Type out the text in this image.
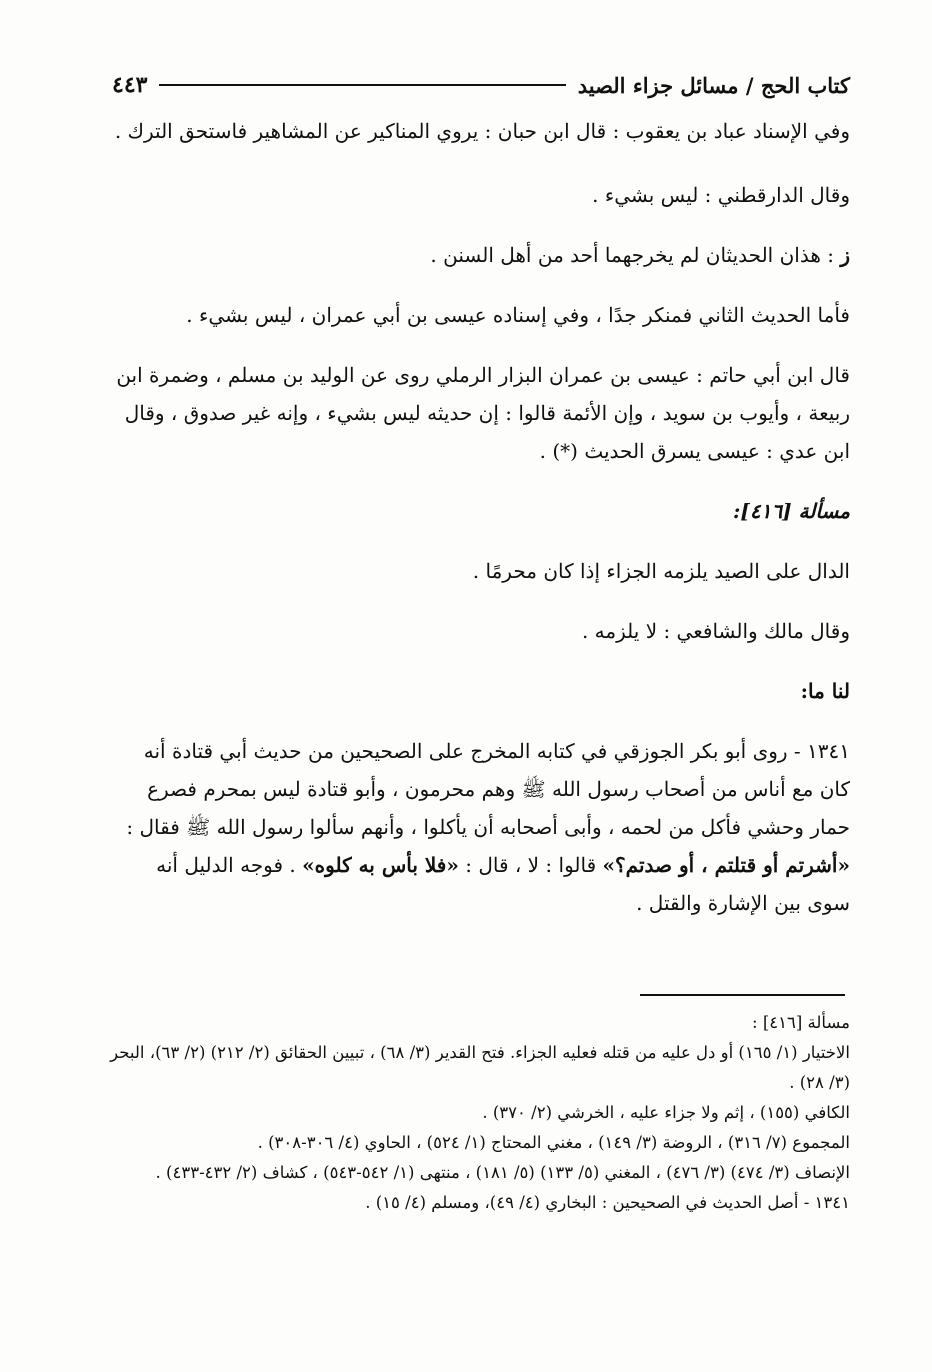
كتاب الحج / مسائل جزاء الصيد
٤٤٣

وفي الإسناد عباد بن يعقوب : قال ابن حبان : يروي المناكير عن المشاهير فاستحق الترك .

وقال الدارقطني : ليس بشيء .

ز : هذان الحديثان لم يخرجهما أحد من أهل السنن .

فأما الحديث الثاني فمنكر جدًا ، وفي إسناده عيسى بن أبي عمران ، ليس بشيء .

قال ابن أبي حاتم : عيسى بن عمران البزار الرملي روى عن الوليد بن مسلم ، وضمرة ابن ربيعة ، وأيوب بن سويد ، وإن الأئمة قالوا : إن حديثه ليس بشيء ، وإنه غير صدوق ، وقال ابن عدي : عيسى يسرق الحديث (*) .

مسألة [٤١٦]:

الدال على الصيد يلزمه الجزاء إذا كان محرمًا .

وقال مالك والشافعي : لا يلزمه .

لنا ما:

١٣٤١ - روى أبو بكر الجوزقي في كتابه المخرج على الصحيحين من حديث أبي قتادة أنه كان مع أناس من أصحاب رسول الله ﷺ وهم محرمون ، وأبو قتادة ليس بمحرم فصرع حمار وحشي فأكل من لحمه ، وأبى أصحابه أن يأكلوا ، وأنهم سألوا رسول الله ﷺ فقال : «أشرتم أو قتلتم ، أو صدتم؟» قالوا : لا ، قال : «فلا بأس به كلوه» . فوجه الدليل أنه سوى بين الإشارة والقتل .

مسألة [٤١٦] :

الاختيار (١/ ١٦٥) أو دل عليه من قتله فعليه الجزاء. فتح القدير (٣/ ٦٨) ، تبيين الحقائق (٢/ ٢١٢) (٢/ ٦٣)، البحر (٣/ ٢٨) .

الكافي (١٥٥) ، إثم ولا جزاء عليه ، الخرشي (٢/ ٣٧٠) .

المجموع (٧/ ٣١٦) ، الروضة (٣/ ١٤٩) ، مغني المحتاج (١/ ٥٢٤) ، الحاوي (٤/ ٣٠٦-٣٠٨) .

الإنصاف (٣/ ٤٧٤) (٣/ ٤٧٦) ، المغني (٥/ ١٣٣) (٥/ ١٨١) ، منتهى (١/ ٥٤٢-٥٤٣) ، كشاف (٢/ ٤٣٢-٤٣٣) .

١٣٤١ - أصل الحديث في الصحيحين : البخاري (٤/ ٤٩)، ومسلم (٤/ ١٥) .
